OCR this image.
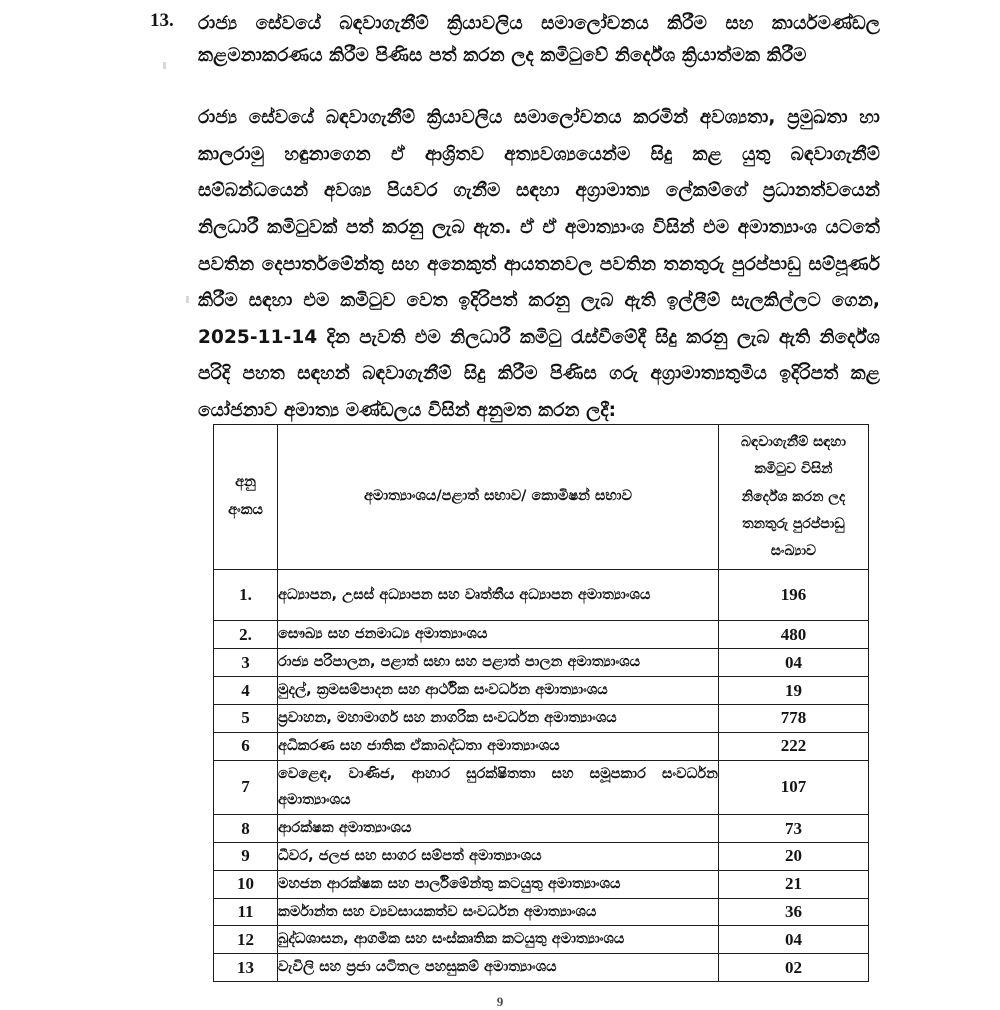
13.	රාජ්‍ය සේවයේ බඳවාගැනීම් ක්‍රියාවලිය සමාලෝචනය කිරීම සහ කාර්යමණ්ඩල කළමනාකරණය කිරීම පිණිස පත් කරන ලද කමිටුවේ නිර්දේශ ක්‍රියාත්මක කිරීම
රාජ්‍ය සේවයේ බඳවාගැනීම් ක්‍රියාවලිය සමාලෝචනය කරමින් අවශ්‍යතා, ප්‍රමුඛතා හා කාලරාමු හඳුනාගෙන ඒ ආශ්‍රිතව අත්‍යවශ්‍යයෙන්ම සිදු කළ යුතු බඳවාගැනීම් සම්බන්ධයෙන් අවශ්‍ය පියවර ගැනීම සඳහා අග්‍රාමාත්‍ය ලේකම්ගේ ප්‍රධානත්වයෙන් නිලධාරී කමිටුවක් පත් කරනු ලැබ ඇත. ඒ ඒ අමාත්‍යාංශ විසින් එම අමාත්‍යාංශ යටතේ පවතින දෙපාර්තමේන්තු සහ අනෙකුත් ආයතනවල පවතින තනතුරු පුරප්පාඩු සම්පූර්ණ කිරීම සඳහා එම කමිටුව වෙත ඉදිරිපත් කරනු ලැබ ඇති ඉල්ලීම් සැලකිල්ලට ගෙන, 2025-11-14 දින පැවති එම නිලධාරී කමිටු රැස්වීමේදී සිදු කරනු ලැබ ඇති නිර්දේශ පරිදි පහත සඳහන් බඳවාගැනීම් සිදු කිරීම පිණිස ගරු අග්‍රාමාත්‍යතුමිය ඉදිරිපත් කළ යෝජනාව අමාත්‍ය මණ්ඩලය විසින් අනුමත කරන ලදී:
අනු
අංකය	අමාත්‍යාංශය/පළාත් සභාව/ කොමිෂන් සභාව	බඳවාගැනීම් සඳහා
කමිටුව විසින්
නිර්දේශ කරන ලද
තනතුරු පුරප්පාඩු
සංඛ්‍යාව
1.	අධ්‍යාපන, උසස් අධ්‍යාපන සහ වෘත්තීය අධ්‍යාපන අමාත්‍යාංශය	196
2.	සෞඛ්‍ය සහ ජනමාධ්‍ය අමාත්‍යාංශය	480
3	රාජ්‍ය පරිපාලන, පළාත් සභා සහ පළාත් පාලන අමාත්‍යාංශය	04
4	මුදල්, ක්‍රමසම්පාදන සහ ආර්ථික සංවර්ධන අමාත්‍යාංශය	19
5	ප්‍රවාහන, මහාමාර්ග සහ නාගරික සංවර්ධන අමාත්‍යාංශය	778
6	අධිකරණ සහ ජාතික ඒකාබද්ධතා අමාත්‍යාංශය	222
7	වෙළෙඳ, වාණිජ, ආහාර සුරක්ෂිතතා සහ සමූපකාර සංවර්ධන අමාත්‍යාංශය	107
8	ආරක්ෂක අමාත්‍යාංශය	73
9	ධීවර, ජලජ සහ සාගර සම්පත් අමාත්‍යාංශය	20
10	මහජන ආරක්ෂක සහ පාර්ලිමේන්තු කටයුතු අමාත්‍යාංශය	21
11	කර්මාන්ත සහ ව්‍යවසායකත්ව සංවර්ධන අමාත්‍යාංශය	36
12	බුද්ධශාසන, ආගමික සහ සංස්කෘතික කටයුතු අමාත්‍යාංශය	04
13	වැවිලි සහ ප්‍රජා යටිතල පහසුකම් අමාත්‍යාංශය	02
9
